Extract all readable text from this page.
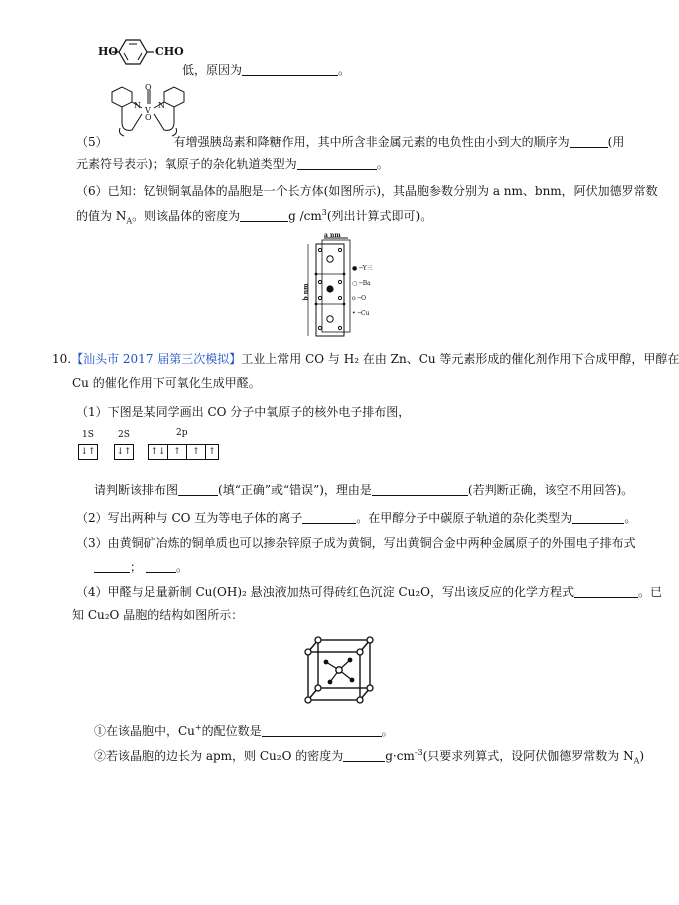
HO	CHO
低，原因为	。
N N
V
O
O
（5）	有增强胰岛素和降糖作用，其中所含非金属元素的电负性由小到大的顺序为	(用
元素符号表示)；氧原子的杂化轨道类型为	。
（6）已知：钇钡铜氧晶体的晶胞是一个长方体(如图所示)，其晶胞参数分别为 a nm、bnm，阿伏加德罗常数
的值为 $N_A$。则该晶体的密度为	g $/cm^3$(列出计算式即可)。
a nm
b nm
● ─Y三
○ ─Ba
o ─O
• ─Cu
10.【汕头市 2017 届第三次模拟】工业上常用 CO 与 H₂ 在由 Zn、Cu 等元素形成的催化剂作用下合成甲醇，甲醇在
Cu 的催化作用下可氧化生成甲醛。
（1）下图是某同学画出 CO 分子中氧原子的核外电子排布图，
1S	2S	2p
↓↑ ↓↑ ↑↓ ↑	↑ ↑
请判断该排布图	(填“正确”或“错误”)，理由是	(若判断正确，该空不用回答)。
（2）写出两种与 CO 互为等电子体的离子	。在甲醇分子中碳原子轨道的杂化类型为	。
（3）由黄铜矿冶炼的铜单质也可以掺杂锌原子成为黄铜，写出黄铜合金中两种金属原子的外围电子排布式
；	。
（4）甲醛与足量新制 Cu(OH)₂ 悬浊液加热可得砖红色沉淀 Cu₂O，写出该反应的化学方程式	。已
知 Cu₂O 晶胞的结构如图所示：
①在该晶胞中，Cu+的配位数是	。
②若该晶胞的边长为 apm，则 Cu₂O 的密度为	$g\cdot cm^{-3}$(只要求列算式，设阿伏伽德罗常数为 $N_A$)
